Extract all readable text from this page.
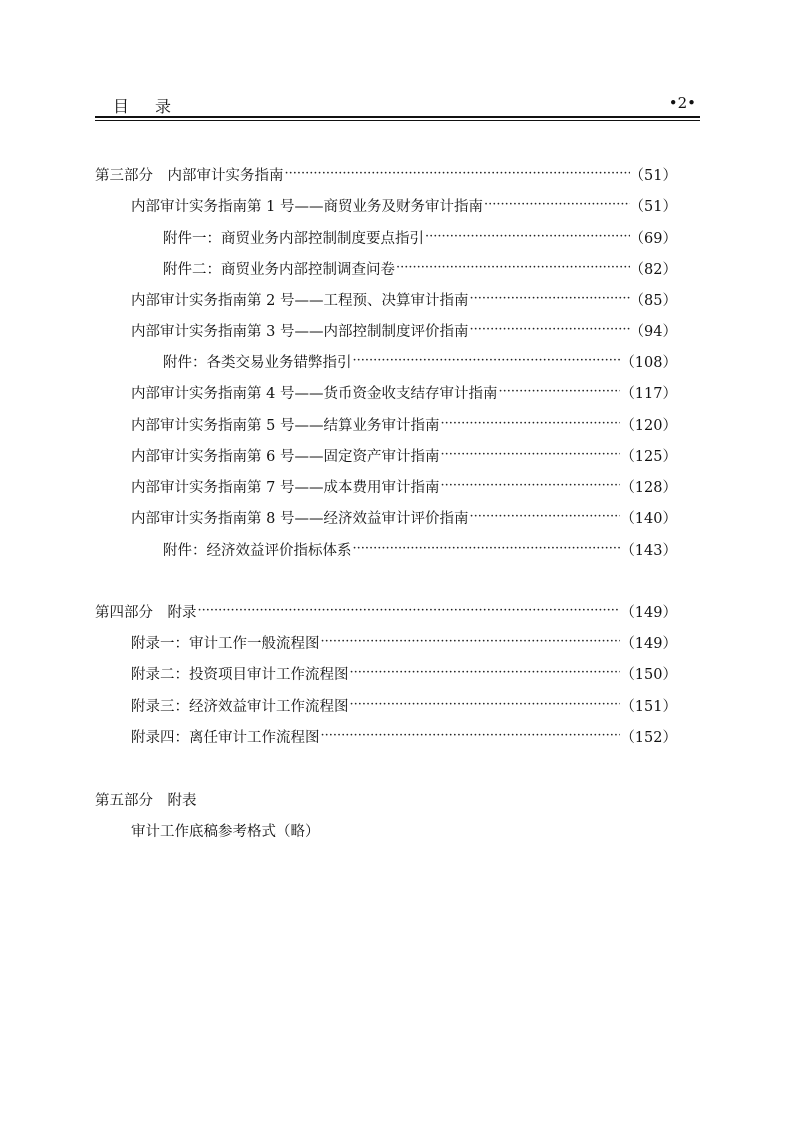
目 录	•2•
第三部分　内部审计实务指南 ·····	（51）
内部审计实务指南第 1 号——商贸业务及财务审计指南 ·····	（51）
附件一：商贸业务内部控制制度要点指引 ·····	（69）
附件二：商贸业务内部控制调查问卷 ·····	（82）
内部审计实务指南第 2 号——工程预、决算审计指南 ·····	（85）
内部审计实务指南第 3 号——内部控制制度评价指南 ·····	（94）
附件：各类交易业务错弊指引 ·····	（108）
内部审计实务指南第 4 号——货币资金收支结存审计指南 ·····	（117）
内部审计实务指南第 5 号——结算业务审计指南 ·····	（120）
内部审计实务指南第 6 号——固定资产审计指南 ·····	（125）
内部审计实务指南第 7 号——成本费用审计指南 ·····	（128）
内部审计实务指南第 8 号——经济效益审计评价指南 ·····	（140）
附件：经济效益评价指标体系 ·····	（143）
第四部分　附录 ·····	（149）
附录一：审计工作一般流程图 ·····	（149）
附录二：投资项目审计工作流程图 ·····	（150）
附录三：经济效益审计工作流程图 ·····	（151）
附录四：离任审计工作流程图 ·····	（152）
第五部分　附表
审计工作底稿参考格式（略）
